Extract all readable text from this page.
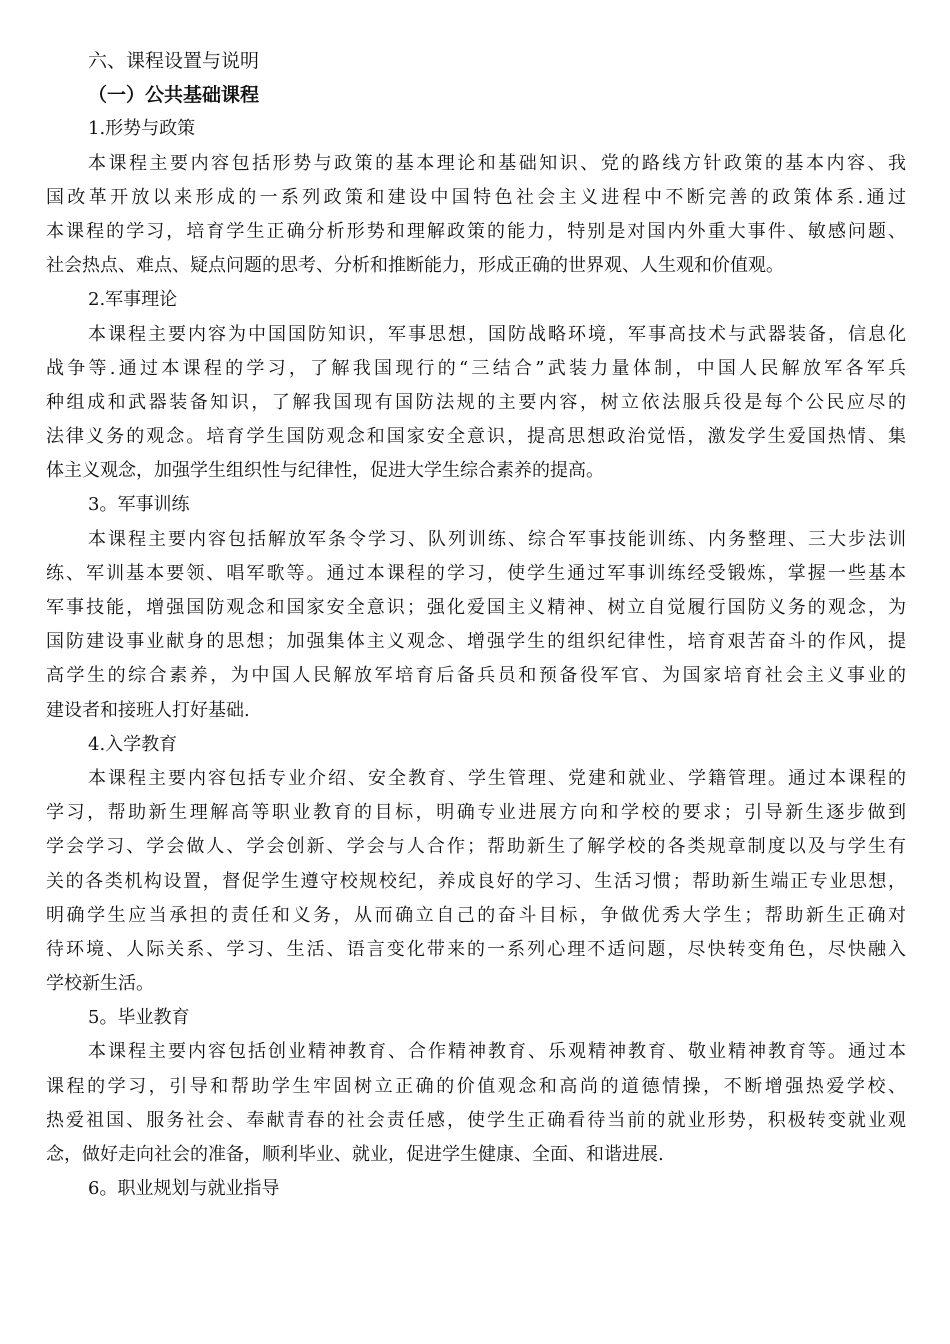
六、课程设置与说明
（一）公共基础课程
1.形势与政策
本课程主要内容包括形势与政策的基本理论和基础知识、党的路线方针政策的基本内容、我
国改革开放以来形成的一系列政策和建设中国特色社会主义进程中不断完善的政策体系.通过
本课程的学习，培育学生正确分析形势和理解政策的能力，特别是对国内外重大事件、敏感问题、
社会热点、难点、疑点问题的思考、分析和推断能力，形成正确的世界观、人生观和价值观。
2.军事理论
本课程主要内容为中国国防知识，军事思想，国防战略环境，军事高技术与武器装备，信息化
战争等.通过本课程的学习，了解我国现行的“三结合”武装力量体制，中国人民解放军各军兵
种组成和武器装备知识，了解我国现有国防法规的主要内容，树立依法服兵役是每个公民应尽的
法律义务的观念。培育学生国防观念和国家安全意识，提高思想政治觉悟，激发学生爱国热情、集
体主义观念，加强学生组织性与纪律性，促进大学生综合素养的提高。
3。军事训练
本课程主要内容包括解放军条令学习、队列训练、综合军事技能训练、内务整理、三大步法训
练、军训基本要领、唱军歌等。通过本课程的学习，使学生通过军事训练经受锻炼，掌握一些基本
军事技能，增强国防观念和国家安全意识；强化爱国主义精神、树立自觉履行国防义务的观念，为
国防建设事业献身的思想；加强集体主义观念、增强学生的组织纪律性，培育艰苦奋斗的作风，提
高学生的综合素养，为中国人民解放军培育后备兵员和预备役军官、为国家培育社会主义事业的
建设者和接班人打好基础.
4.入学教育
本课程主要内容包括专业介绍、安全教育、学生管理、党建和就业、学籍管理。通过本课程的
学习，帮助新生理解高等职业教育的目标，明确专业进展方向和学校的要求；引导新生逐步做到
学会学习、学会做人、学会创新、学会与人合作；帮助新生了解学校的各类规章制度以及与学生有
关的各类机构设置，督促学生遵守校规校纪，养成良好的学习、生活习惯；帮助新生端正专业思想，
明确学生应当承担的责任和义务，从而确立自己的奋斗目标，争做优秀大学生；帮助新生正确对
待环境、人际关系、学习、生活、语言变化带来的一系列心理不适问题，尽快转变角色，尽快融入
学校新生活。
5。毕业教育
本课程主要内容包括创业精神教育、合作精神教育、乐观精神教育、敬业精神教育等。通过本
课程的学习，引导和帮助学生牢固树立正确的价值观念和高尚的道德情操，不断增强热爱学校、
热爱祖国、服务社会、奉献青春的社会责任感，使学生正确看待当前的就业形势，积极转变就业观
念，做好走向社会的准备，顺利毕业、就业，促进学生健康、全面、和谐进展.
6。职业规划与就业指导
